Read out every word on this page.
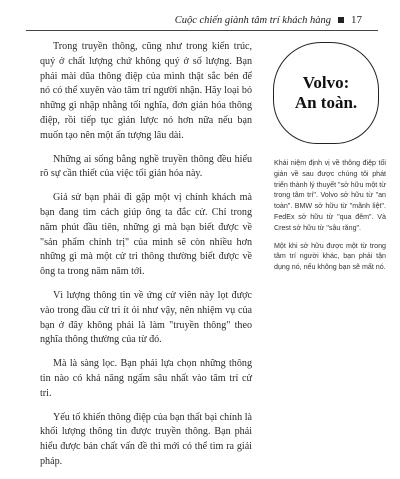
Cuộc chiến giành tâm trí khách hàng 17

Trong truyền thông, cũng như trong kiến trúc, quý ở chất lượng chứ không quý ở số lượng. Bạn phải mài dũa thông điệp của mình thật sắc bén để nó có thể xuyên vào tâm trí người nhận. Hãy loại bỏ những gì nhập nhằng tối nghĩa, đơn giản hóa thông điệp, rồi tiếp tục giản lược nó hơn nữa nếu bạn muốn tạo nên một ấn tượng lâu dài.

Những ai sống bằng nghề truyền thông đều hiểu rõ sự cần thiết của việc tối giản hóa này.

Giả sử bạn phải đi gặp một vị chính khách mà bạn đang tìm cách giúp ông ta đắc cử. Chỉ trong năm phút đầu tiên, những gì mà bạn biết được về "sản phẩm chính trị" của mình sẽ còn nhiều hơn những gì mà một cử tri thông thường biết được về ông ta trong năm năm tới.

Vì lượng thông tin về ứng cử viên này lọt được vào trong đầu cử tri ít ỏi như vậy, nên nhiệm vụ của bạn ở đây không phải là làm "truyền thông" theo nghĩa thông thường của từ đó.

Mà là sàng lọc. Bạn phải lựa chọn những thông tin nào có khả năng ngấm sâu nhất vào tâm trí cử tri.

Yếu tố khiến thông điệp của bạn thất bại chính là khối lượng thông tin được truyền thông. Bạn phải hiểu được bản chất vấn đề thì mới có thể tìm ra giải pháp.

Volvo:
An toàn.

Khái niệm định vị về thông điệp tối giản về sau được chúng tôi phát triển thành lý thuyết "sở hữu một từ trong tâm trí". Volvo sở hữu từ "an toàn". BMW sở hữu từ "mãnh liệt". FedEx sở hữu từ "qua đêm". Và Crest sở hữu từ "sâu răng".

Một khi sở hữu được một từ trong tâm trí người khác, bạn phải tận dụng nó, nếu không bạn sẽ mất nó.
